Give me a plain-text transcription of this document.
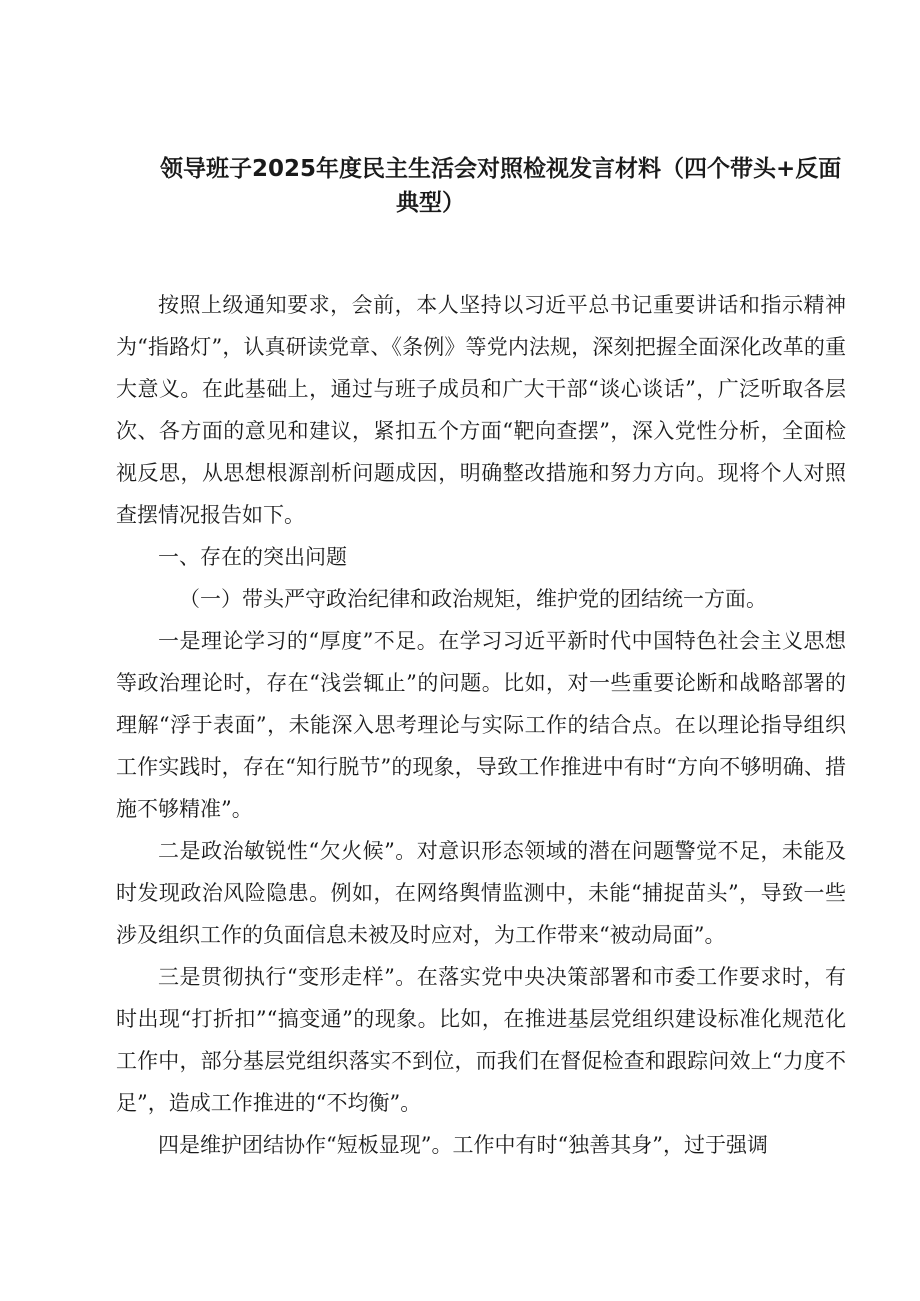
领导班子2025年度民主生活会对照检视发言材料（四个带头+反面
典型）

按照上级通知要求，会前，本人坚持以习近平总书记重要讲话和指示精神为“指路灯”，认真研读党章、《条例》等党内法规，深刻把握全面深化改革的重大意义。在此基础上，通过与班子成员和广大干部“谈心谈话”，广泛听取各层次、各方面的意见和建议，紧扣五个方面“靶向查摆”，深入党性分析，全面检视反思，从思想根源剖析问题成因，明确整改措施和努力方向。现将个人对照查摆情况报告如下。

一、存在的突出问题

（一）带头严守政治纪律和政治规矩，维护党的团结统一方面。

一是理论学习的“厚度”不足。在学习习近平新时代中国特色社会主义思想等政治理论时，存在“浅尝辄止”的问题。比如，对一些重要论断和战略部署的理解“浮于表面”，未能深入思考理论与实际工作的结合点。在以理论指导组织工作实践时，存在“知行脱节”的现象，导致工作推进中有时“方向不够明确、措施不够精准”。

二是政治敏锐性“欠火候”。对意识形态领域的潜在问题警觉不足，未能及时发现政治风险隐患。例如，在网络舆情监测中，未能“捕捉苗头”，导致一些涉及组织工作的负面信息未被及时应对，为工作带来“被动局面”。

三是贯彻执行“变形走样”。在落实党中央决策部署和市委工作要求时，有时出现“打折扣”“搞变通”的现象。比如，在推进基层党组织建设标准化规范化工作中，部分基层党组织落实不到位，而我们在督促检查和跟踪问效上“力度不足”，造成工作推进的“不均衡”。

四是维护团结协作“短板显现”。工作中有时“独善其身”，过于强调
